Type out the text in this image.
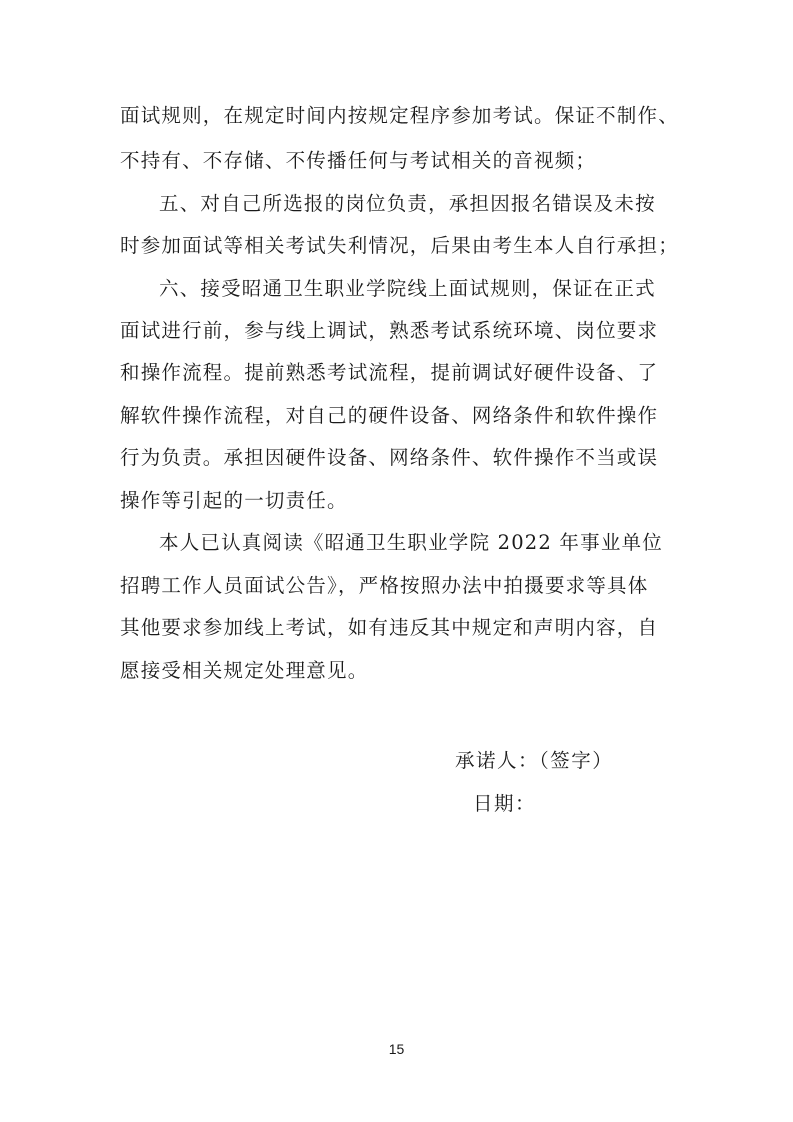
面试规则，在规定时间内按规定程序参加考试。保证不制作、
不持有、不存储、不传播任何与考试相关的音视频；
五、对自己所选报的岗位负责，承担因报名错误及未按
时参加面试等相关考试失利情况，后果由考生本人自行承担；
六、接受昭通卫生职业学院线上面试规则，保证在正式
面试进行前，参与线上调试，熟悉考试系统环境、岗位要求
和操作流程。提前熟悉考试流程，提前调试好硬件设备、了
解软件操作流程，对自己的硬件设备、网络条件和软件操作
行为负责。承担因硬件设备、网络条件、软件操作不当或误
操作等引起的一切责任。
本人已认真阅读《昭通卫生职业学院 2022 年事业单位
招聘工作人员面试公告》，严格按照办法中拍摄要求等具体
其他要求参加线上考试，如有违反其中规定和声明内容，自
愿接受相关规定处理意见。
承诺人：（签字）
日期：
15
